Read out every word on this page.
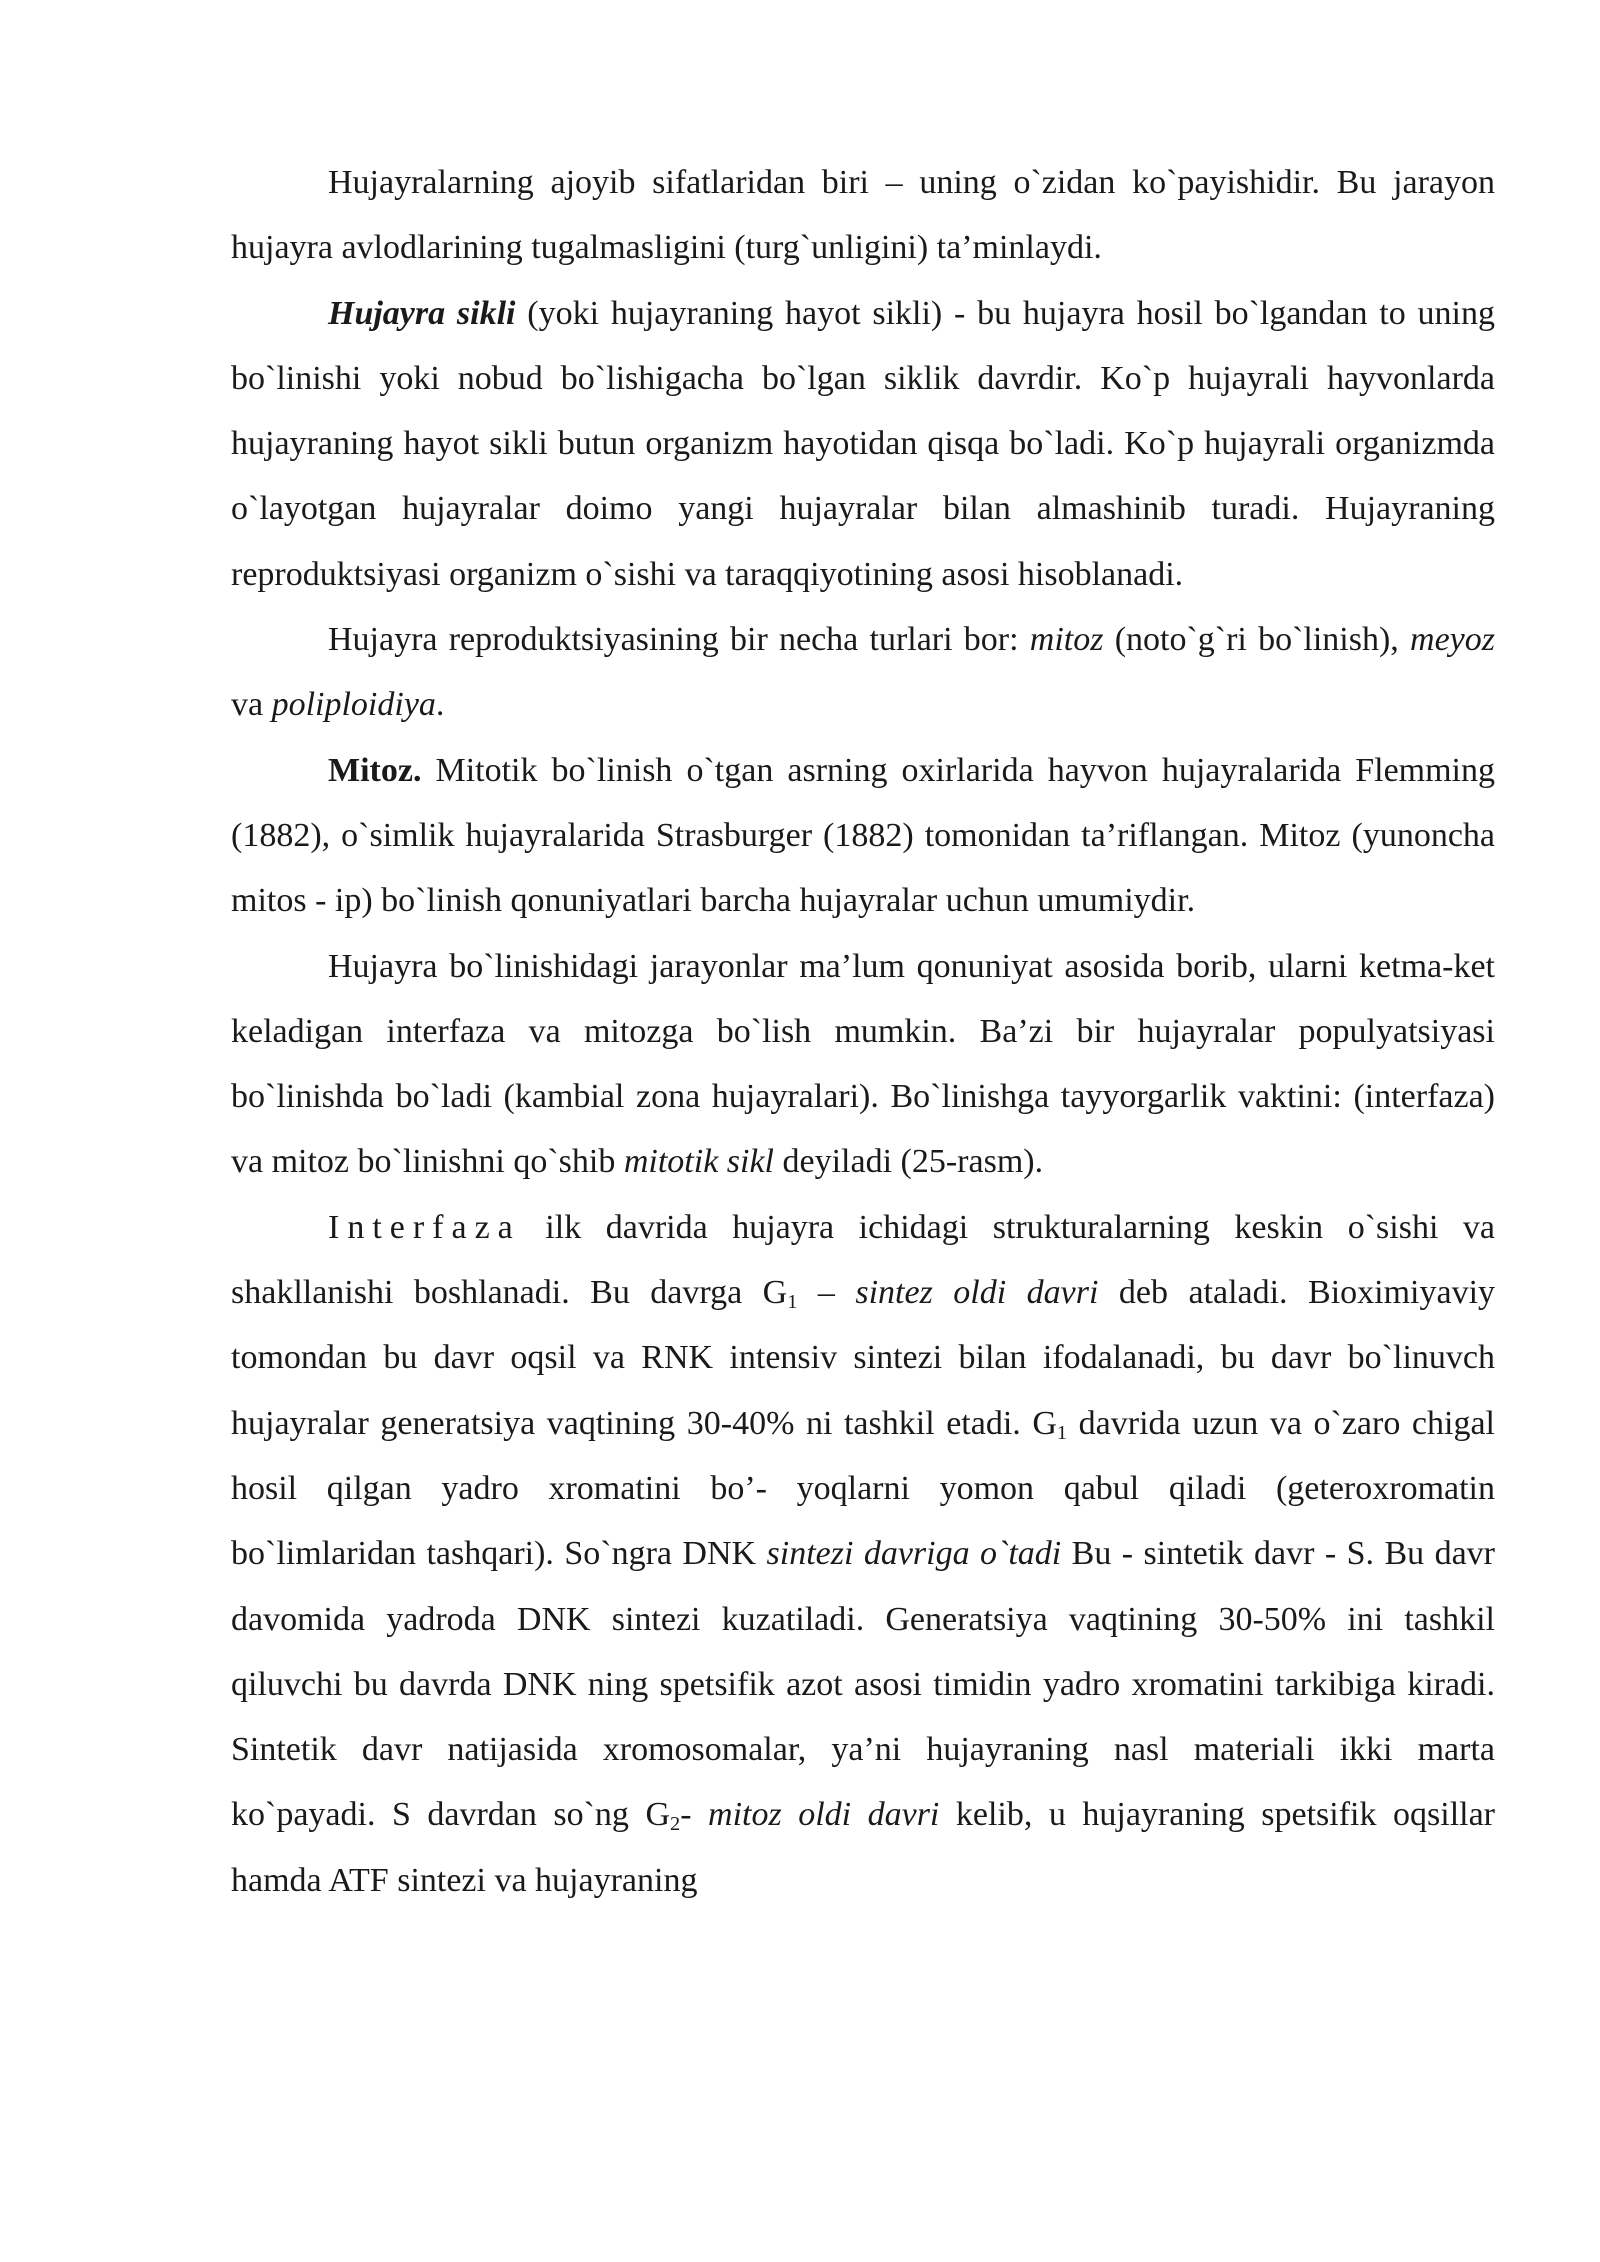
Hujayralarning ajoyib sifatlaridan biri – uning o`zidan ko`payishidir. Bu jarayon hujayra avlodlarining tugalmasligini (turg`unligini) ta’minlaydi.

Hujayra sikli (yoki hujayraning hayot sikli) - bu hujayra hosil bo`lgandan to uning bo`linishi yoki nobud bo`lishigacha bo`lgan siklik davrdir. Ko`p hujayrali hayvonlarda hujayraning hayot sikli butun organizm hayotidan qisqa bo`ladi. Ko`p hujayrali organizmda o`layotgan hujayralar doimo yangi hujayralar bilan almashinib turadi. Hujayraning reproduktsiyasi organizm o`sishi va taraqqiyotining asosi hisoblanadi.

Hujayra reproduktsiyasining bir necha turlari bor: mitoz (noto`g`ri bo`linish), meyoz va poliploidiya.

Mitoz. Mitotik bo`linish o`tgan asrning oxirlarida hayvon hujayralarida Flemming (1882), o`simlik hujayralarida Strasburger (1882) tomonidan ta’riflangan. Mitoz (yunoncha mitos - ip) bo`linish qonuniyatlari barcha hujayralar uchun umumiydir.

Hujayra bo`linishidagi jarayonlar ma’lum qonuniyat asosida borib, ularni ketma-ket keladigan interfaza va mitozga bo`lish mumkin. Ba’zi bir hujayralar populyatsiyasi bo`linishda bo`ladi (kambial zona hujayralari). Bo`linishga tayyorgarlik vaktini: (interfaza) va mitoz bo`linishni qo`shib mitotik sikl deyiladi (25-rasm).

Interfaza ilk davrida hujayra ichidagi strukturalarning keskin o`sishi va shakllanishi boshlanadi. Bu davrga $G_1$ – sintez oldi davri deb ataladi. Bioximiyaviy tomondan bu davr oqsil va RNK intensiv sintezi bilan ifodalanadi, bu davr bo`linuvch hujayralar generatsiya vaqtining 30-40% ni tashkil etadi. $G_1$ davrida uzun va o`zaro chigal hosil qilgan yadro xromatini bo’- yoqlarni yomon qabul qiladi (geteroxromatin bo`limlaridan tashqari). So`ngra DNK sintezi davriga o`tadi Bu - sintetik davr - S. Bu davr davomida yadroda DNK sintezi kuzatiladi. Generatsiya vaqtining 30-50% ini tashkil qiluvchi bu davrda DNK ning spetsifik azot asosi timidin yadro xromatini tarkibiga kiradi. Sintetik davr natijasida xromosomalar, ya’ni hujayraning nasl materiali ikki marta ko`payadi. S davrdan so`ng $G_2-$ mitoz oldi davri kelib, u hujayraning spetsifik oqsillar hamda ATF sintezi va hujayraning
